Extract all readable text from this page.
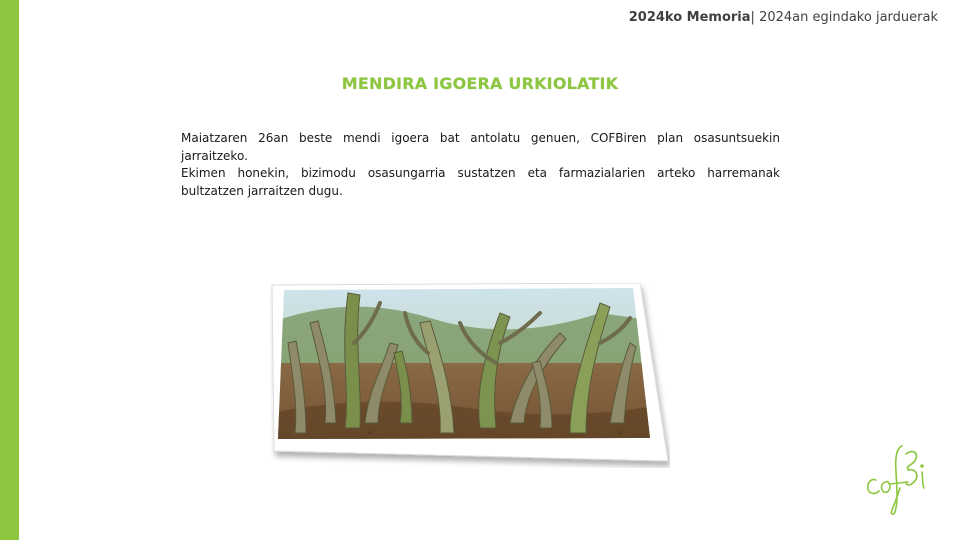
2024ko Memoria| 2024an egindako jarduerak
MENDIRA IGOERA URKIOLATIK

Maiatzaren 26an beste mendi igoera bat antolatu genuen, COFBiren plan osasuntsuekin jarraitzeko.

Ekimen honekin, bizimodu osasungarria sustatzen eta farmazialarien arteko harremanak bultzatzen jarraitzen dugu.
